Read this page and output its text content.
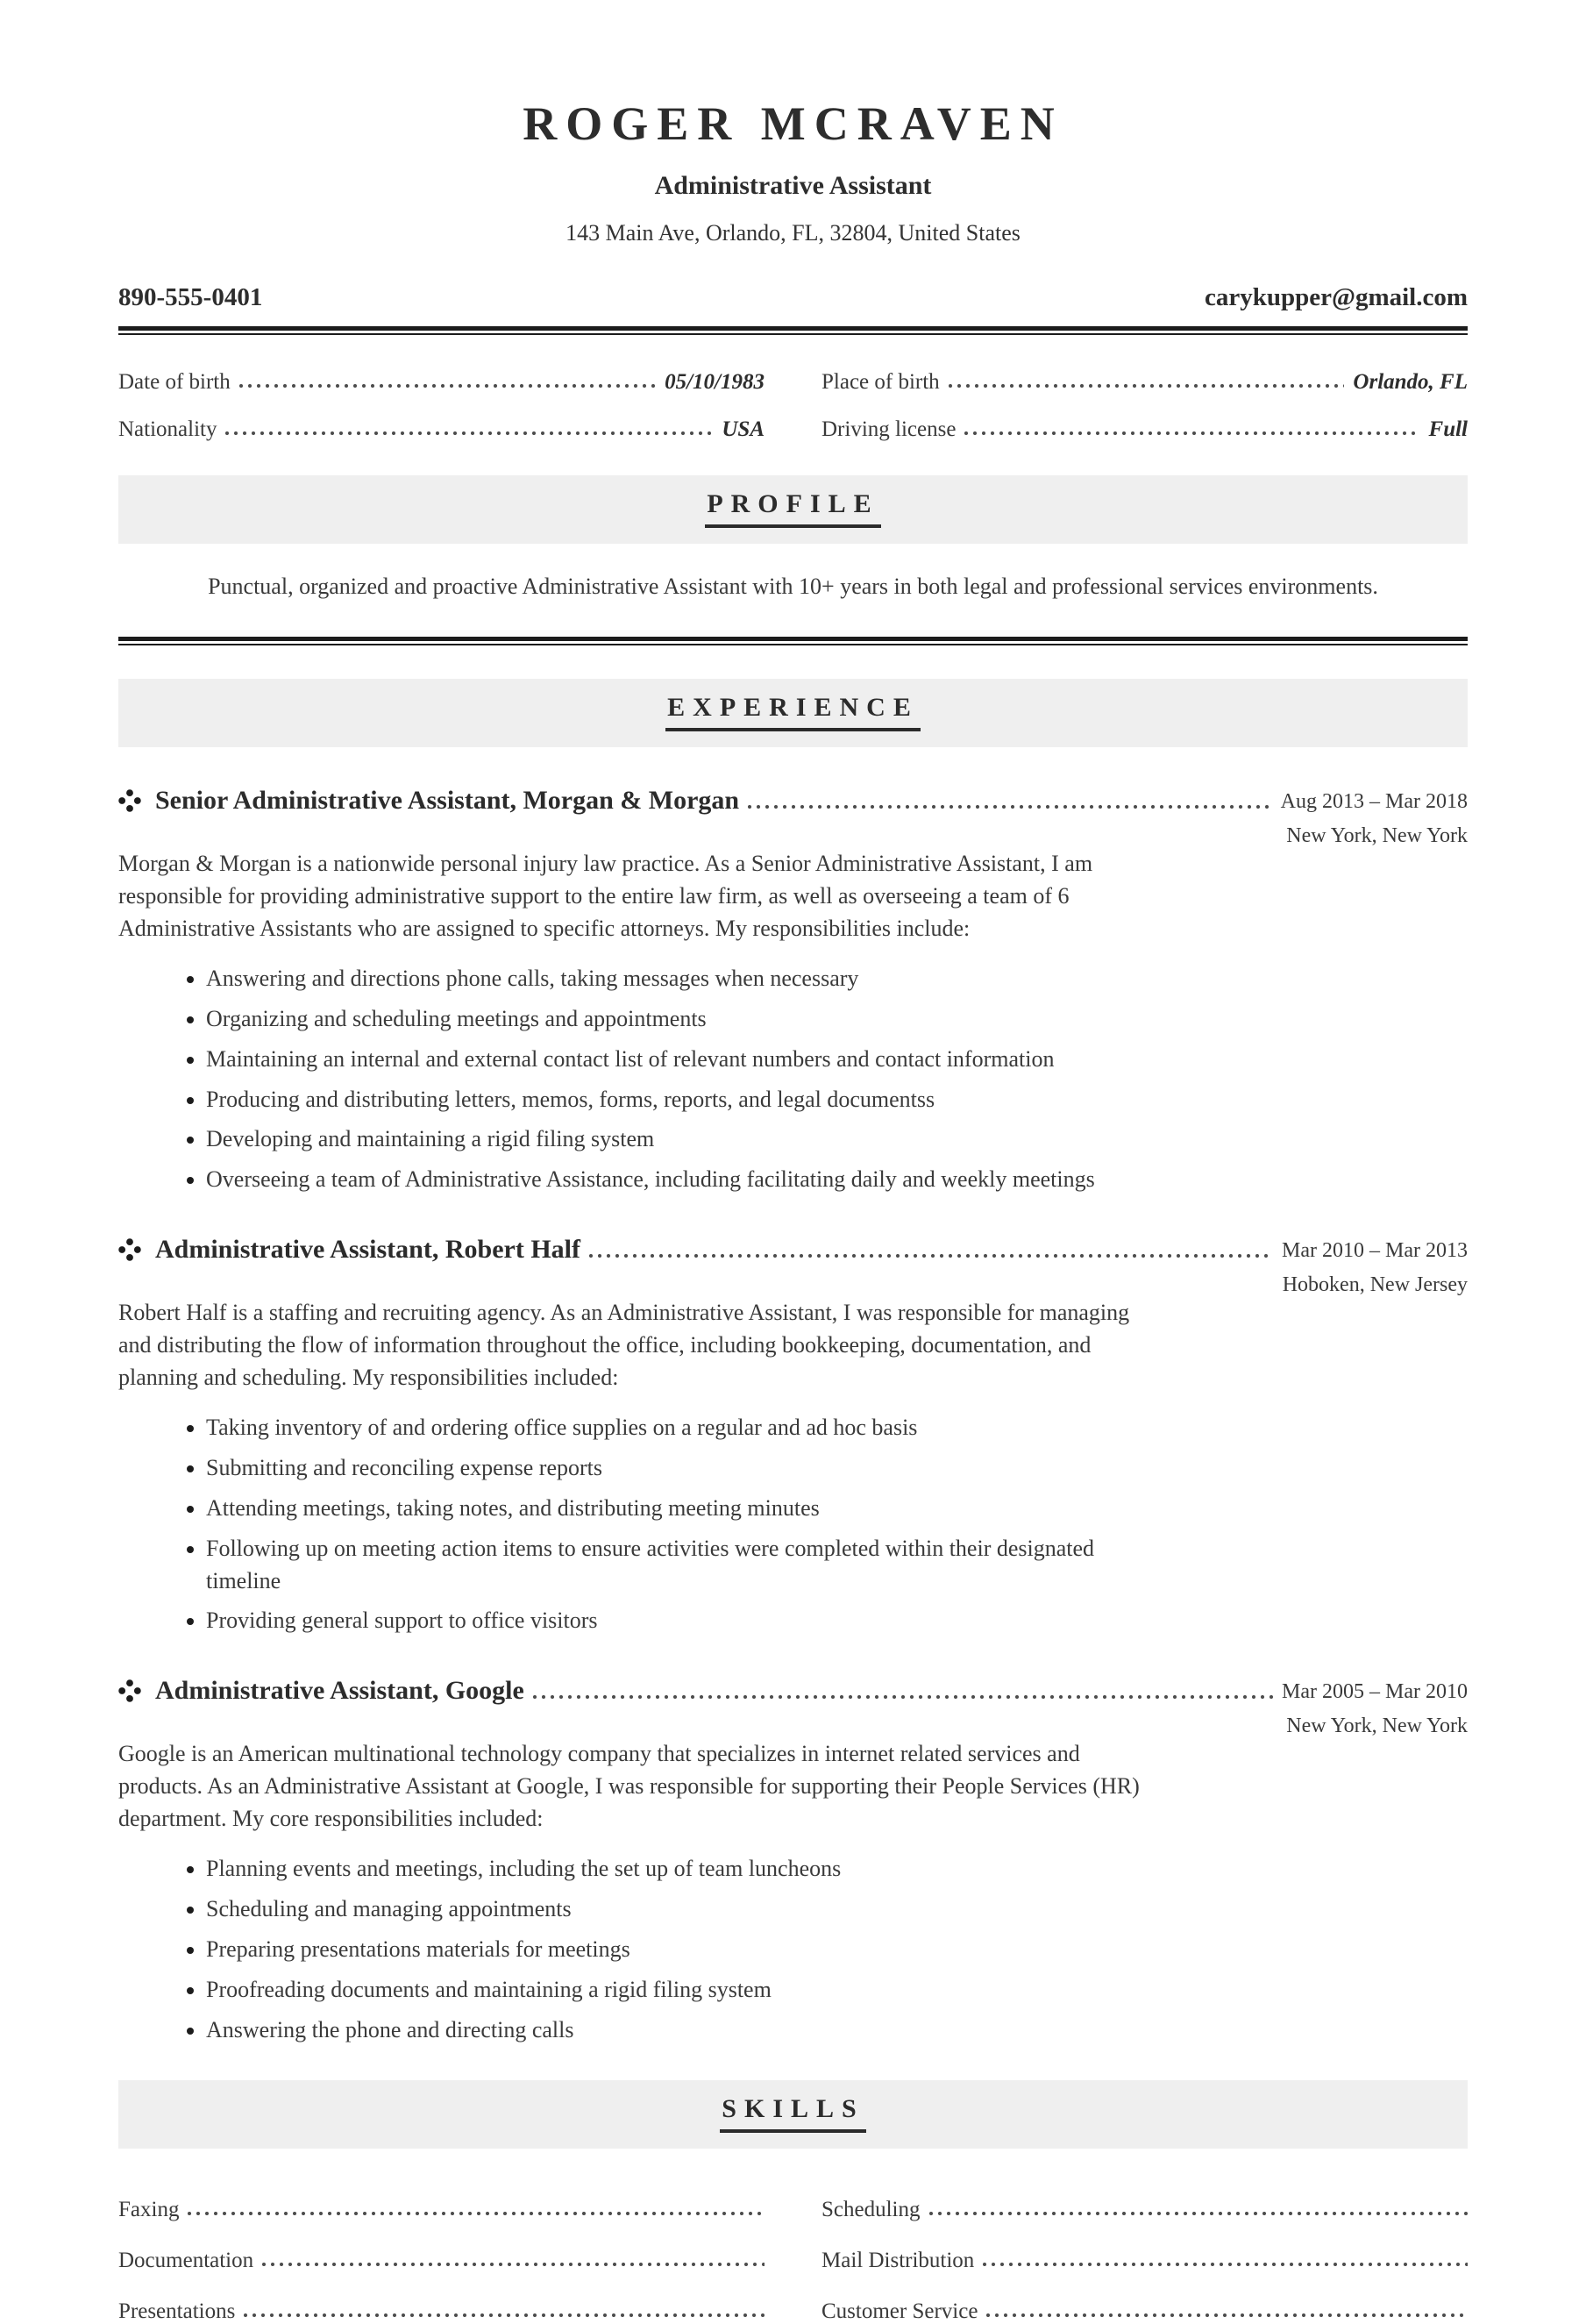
ROGER MCRAVEN
Administrative Assistant
143 Main Ave, Orlando, FL, 32804, United States
890-555-0401	carykupper@gmail.com
Date of birth	05/10/1983	Place of birth	Orlando, FL
Nationality	USA	Driving license	Full
PROFILE

Punctual, organized and proactive Administrative Assistant with 10+ years in both legal and professional services environments.

EXPERIENCE
Senior Administrative Assistant, Morgan & Morgan	Aug 2013 – Mar 2018
New York, New York

Morgan & Morgan is a nationwide personal injury law practice. As a Senior Administrative Assistant, I am responsible for providing administrative support to the entire law firm, as well as overseeing a team of 6 Administrative Assistants who are assigned to specific attorneys. My responsibilities include:

• Answering and directions phone calls, taking messages when necessary
• Organizing and scheduling meetings and appointments
• Maintaining an internal and external contact list of relevant numbers and contact information
• Producing and distributing letters, memos, forms, reports, and legal documentss
• Developing and maintaining a rigid filing system
• Overseeing a team of Administrative Assistance, including facilitating daily and weekly meetings
Administrative Assistant, Robert Half	Mar 2010 – Mar 2013
Hoboken, New Jersey

Robert Half is a staffing and recruiting agency. As an Administrative Assistant, I was responsible for managing and distributing the flow of information throughout the office, including bookkeeping, documentation, and planning and scheduling. My responsibilities included:

• Taking inventory of and ordering office supplies on a regular and ad hoc basis
• Submitting and reconciling expense reports
• Attending meetings, taking notes, and distributing meeting minutes
• Following up on meeting action items to ensure activities were completed within their designated timeline
• Providing general support to office visitors
Administrative Assistant, Google	Mar 2005 – Mar 2010
New York, New York

Google is an American multinational technology company that specializes in internet related services and products. As an Administrative Assistant at Google, I was responsible for supporting their People Services (HR) department. My core responsibilities included:

• Planning events and meetings, including the set up of team luncheons
• Scheduling and managing appointments
• Preparing presentations materials for meetings
• Proofreading documents and maintaining a rigid filing system
• Answering the phone and directing calls
SKILLS
Faxing	Scheduling
Documentation	Mail Distribution
Presentations	Customer Service
